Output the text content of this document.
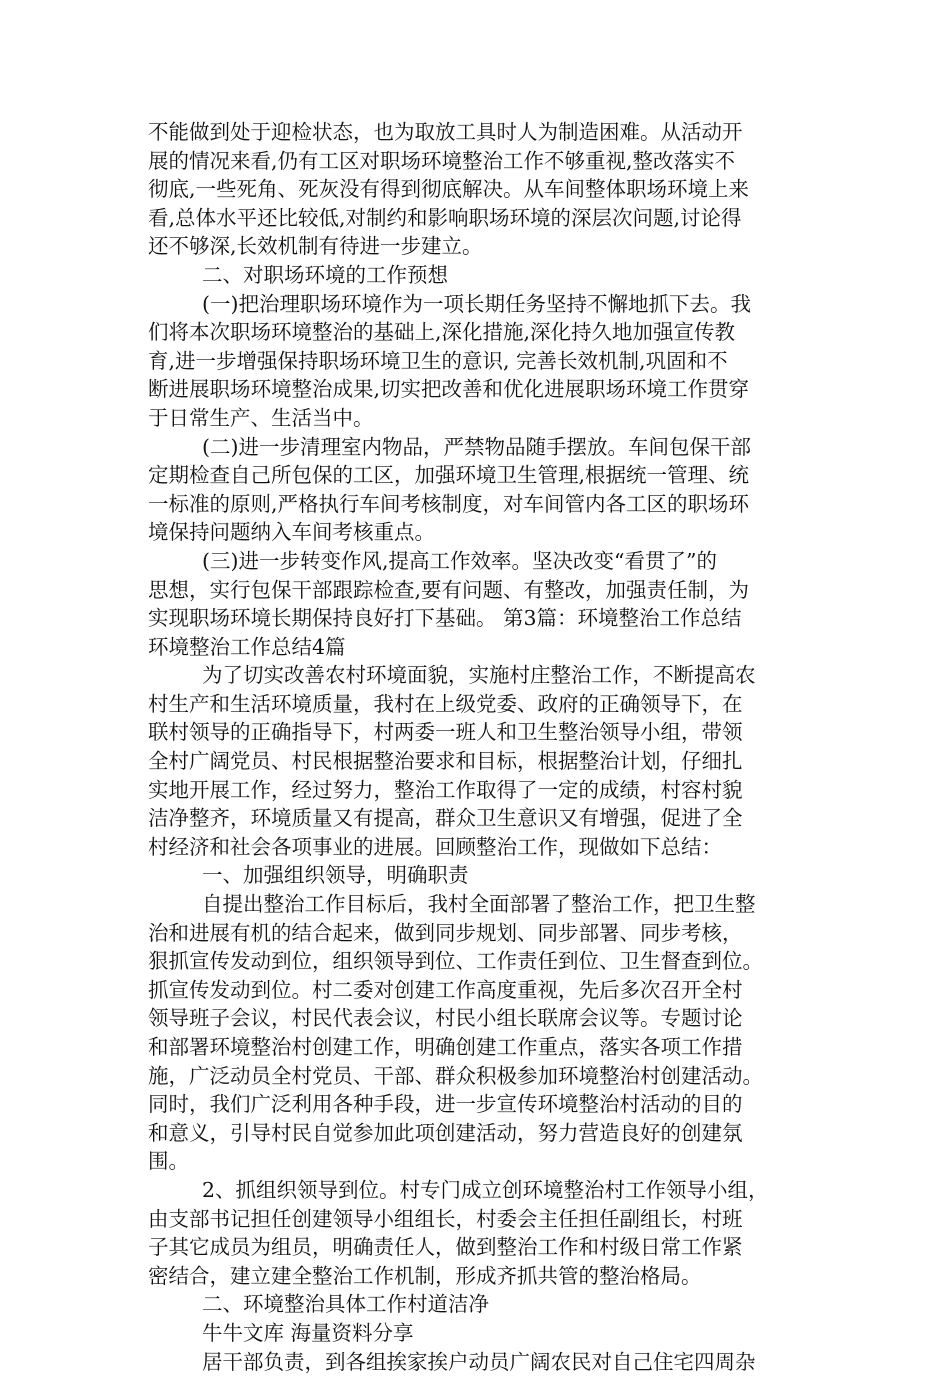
不能做到处于迎检状态，也为取放工具时人为制造困难。从活动开
展的情况来看,仍有工区对职场环境整治工作不够重视,整改落实不
彻底,一些死角、死灰没有得到彻底解决。从车间整体职场环境上来
看,总体水平还比较低,对制约和影响职场环境的深层次问题,讨论得
还不够深,长效机制有待进一步建立。
二、对职场环境的工作预想
(一)把治理职场环境作为一项长期任务坚持不懈地抓下去。我
们将本次职场环境整治的基础上,深化措施,深化持久地加强宣传教
育,进一步增强保持职场环境卫生的意识, 完善长效机制,巩固和不
断进展职场环境整治成果,切实把改善和优化进展职场环境工作贯穿
于日常生产、生活当中。
(二)进一步清理室内物品，严禁物品随手摆放。车间包保干部
定期检查自己所包保的工区，加强环境卫生管理,根据统一管理、统
一标准的原则,严格执行车间考核制度，对车间管内各工区的职场环
境保持问题纳入车间考核重点。
(三)进一步转变作风,提高工作效率。坚决改变“看贯了”的
思想，实行包保干部跟踪检查,要有问题、有整改，加强责任制，为
实现职场环境长期保持良好打下基础。 第3篇：环境整治工作总结
环境整治工作总结4篇
为了切实改善农村环境面貌，实施村庄整治工作，不断提高农
村生产和生活环境质量，我村在上级党委、政府的正确领导下，在
联村领导的正确指导下，村两委一班人和卫生整治领导小组，带领
全村广阔党员、村民根据整治要求和目标，根据整治计划，仔细扎
实地开展工作，经过努力，整治工作取得了一定的成绩，村容村貌
洁净整齐，环境质量又有提高，群众卫生意识又有增强，促进了全
村经济和社会各项事业的进展。回顾整治工作，现做如下总结：
一、加强组织领导，明确职责
自提出整治工作目标后，我村全面部署了整治工作，把卫生整
治和进展有机的结合起来，做到同步规划、同步部署、同步考核，
狠抓宣传发动到位，组织领导到位、工作责任到位、卫生督查到位。
抓宣传发动到位。村二委对创建工作高度重视，先后多次召开全村
领导班子会议，村民代表会议，村民小组长联席会议等。专题讨论
和部署环境整治村创建工作，明确创建工作重点，落实各项工作措
施，广泛动员全村党员、干部、群众积极参加环境整治村创建活动。
同时，我们广泛利用各种手段，进一步宣传环境整治村活动的目的
和意义，引导村民自觉参加此项创建活动，努力营造良好的创建氛
围。
2、抓组织领导到位。村专门成立创环境整治村工作领导小组，
由支部书记担任创建领导小组组长，村委会主任担任副组长，村班
子其它成员为组员，明确责任人，做到整治工作和村级日常工作紧
密结合，建立建全整治工作机制，形成齐抓共管的整治格局。
二、环境整治具体工作村道洁净
牛牛文库 海量资料分享
居干部负责，到各组挨家挨户动员广阔农民对自己住宅四周杂
